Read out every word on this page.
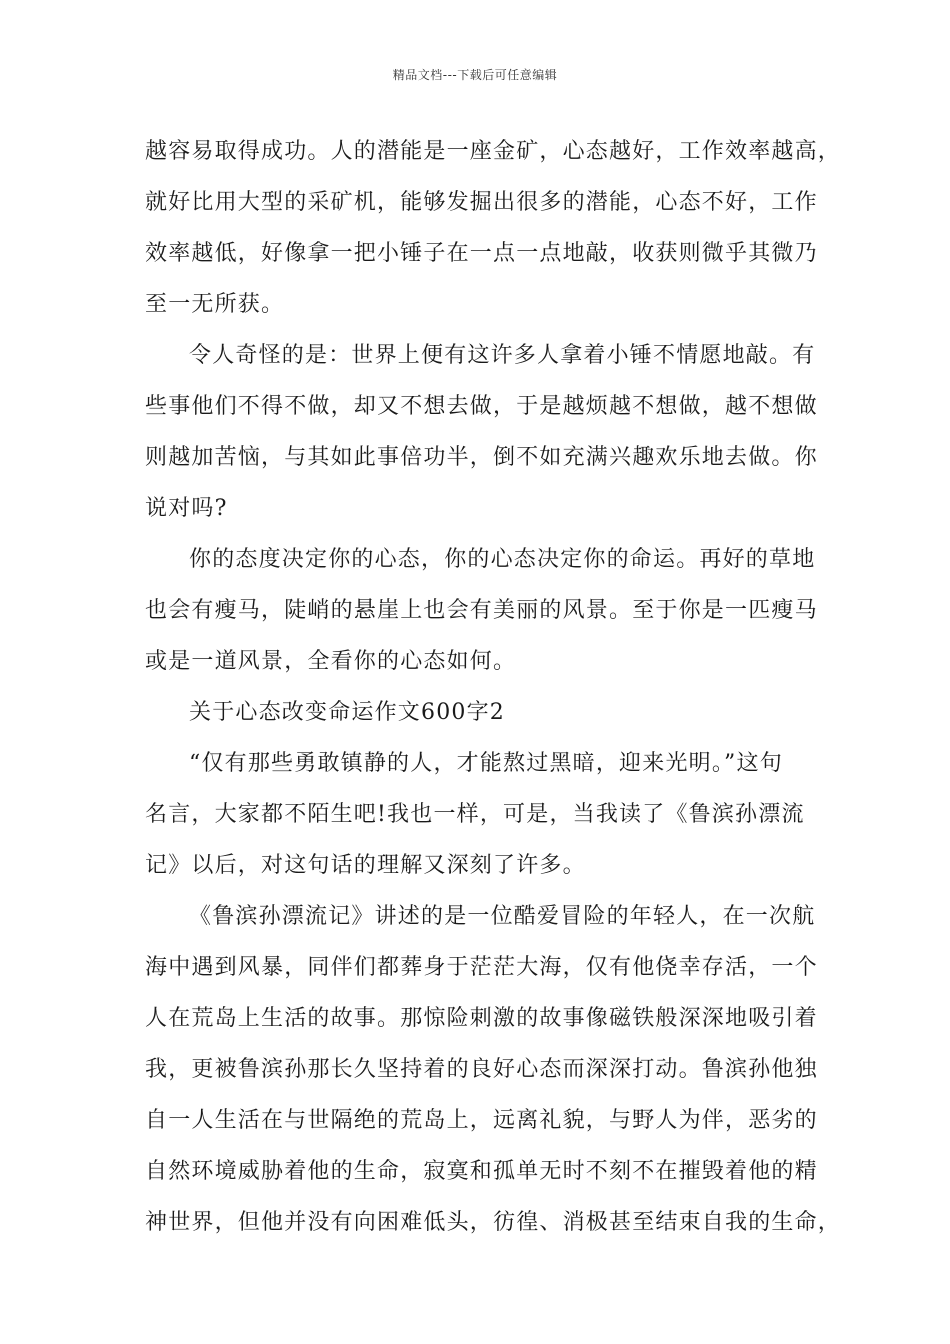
精品文档---下载后可任意编辑
越容易取得成功。人的潜能是一座金矿，心态越好，工作效率越高，
就好比用大型的采矿机，能够发掘出很多的潜能，心态不好，工作
效率越低，好像拿一把小锤子在一点一点地敲，收获则微乎其微乃
至一无所获。
令人奇怪的是：世界上便有这许多人拿着小锤不情愿地敲。有
些事他们不得不做，却又不想去做，于是越烦越不想做，越不想做
则越加苦恼，与其如此事倍功半，倒不如充满兴趣欢乐地去做。你
说对吗?
你的态度决定你的心态，你的心态决定你的命运。再好的草地
也会有瘦马，陡峭的悬崖上也会有美丽的风景。至于你是一匹瘦马
或是一道风景，全看你的心态如何。
关于心态改变命运作文600字2
“仅有那些勇敢镇静的人，才能熬过黑暗，迎来光明。”这句
名言，大家都不陌生吧!我也一样，可是，当我读了《鲁滨孙漂流
记》以后，对这句话的理解又深刻了许多。
《鲁滨孙漂流记》讲述的是一位酷爱冒险的年轻人，在一次航
海中遇到风暴，同伴们都葬身于茫茫大海，仅有他侥幸存活，一个
人在荒岛上生活的故事。那惊险刺激的故事像磁铁般深深地吸引着
我，更被鲁滨孙那长久坚持着的良好心态而深深打动。鲁滨孙他独
自一人生活在与世隔绝的荒岛上，远离礼貌，与野人为伴，恶劣的
自然环境威胁着他的生命，寂寞和孤单无时不刻不在摧毁着他的精
神世界，但他并没有向困难低头，彷徨、消极甚至结束自我的生命，
